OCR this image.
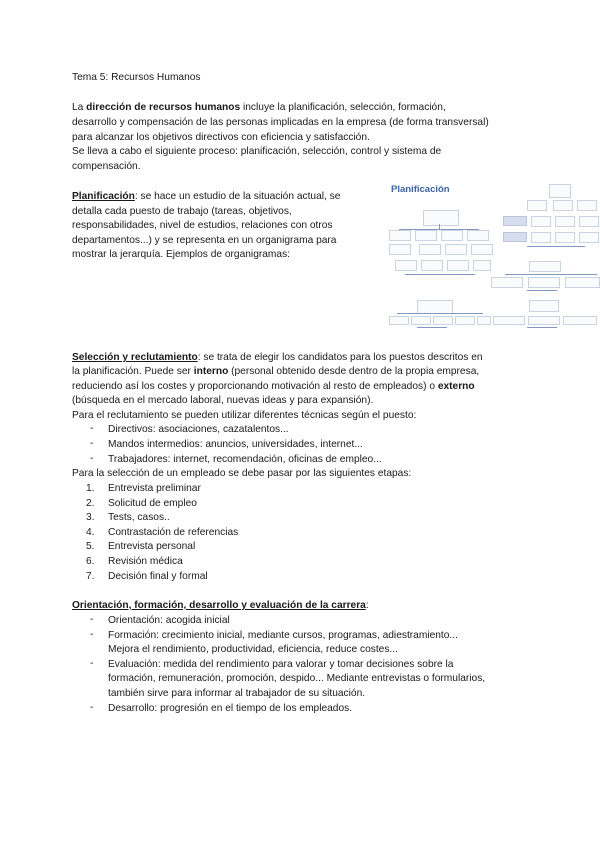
Tema 5: Recursos Humanos
La dirección de recursos humanos incluye la planificación, selección, formación,
desarrollo y compensación de las personas implicadas en la empresa (de forma transversal)
para alcanzar los objetivos directivos con eficiencia y satisfacción.
Se lleva a cabo el siguiente proceso: planificación, selección, control y sistema de
compensación.
Planificación: se hace un estudio de la situación actual, se
detalla cada puesto de trabajo (tareas, objetivos,
responsabilidades, nivel de estudios, relaciones con otros
departamentos...) y se representa en un organigrama para
mostrar la jerarquía. Ejemplos de organigramas:
Planificación
Selección y reclutamiento: se trata de elegir los candidatos para los puestos descritos en
la planificación. Puede ser interno (personal obtenido desde dentro de la propia empresa,
reduciendo así los costes y proporcionando motivación al resto de empleados) o externo
(búsqueda en el mercado laboral, nuevas ideas y para expansión).
Para el reclutamiento se pueden utilizar diferentes técnicas según el puesto:
- Directivos: asociaciones, cazatalentos...
- Mandos intermedios: anuncios, universidades, internet...
- Trabajadores: internet, recomendación, oficinas de empleo...
Para la selección de un empleado se debe pasar por las siguientes etapas:
1. Entrevista preliminar
2. Solicitud de empleo
3. Tests, casos..
4. Contrastación de referencias
5. Entrevista personal
6. Revisión médica
7. Decisión final y formal
Orientación, formación, desarrollo y evaluación de la carrera:
- Orientación: acogida inicial
- Formación: crecimiento inicial, mediante cursos, programas, adiestramiento...
Mejora el rendimiento, productividad, eficiencia, reduce costes...
- Evaluación: medida del rendimiento para valorar y tomar decisiones sobre la
formación, remuneración, promoción, despido... Mediante entrevistas o formularios,
también sirve para informar al trabajador de su situación.
- Desarrollo: progresión en el tiempo de los empleados.
